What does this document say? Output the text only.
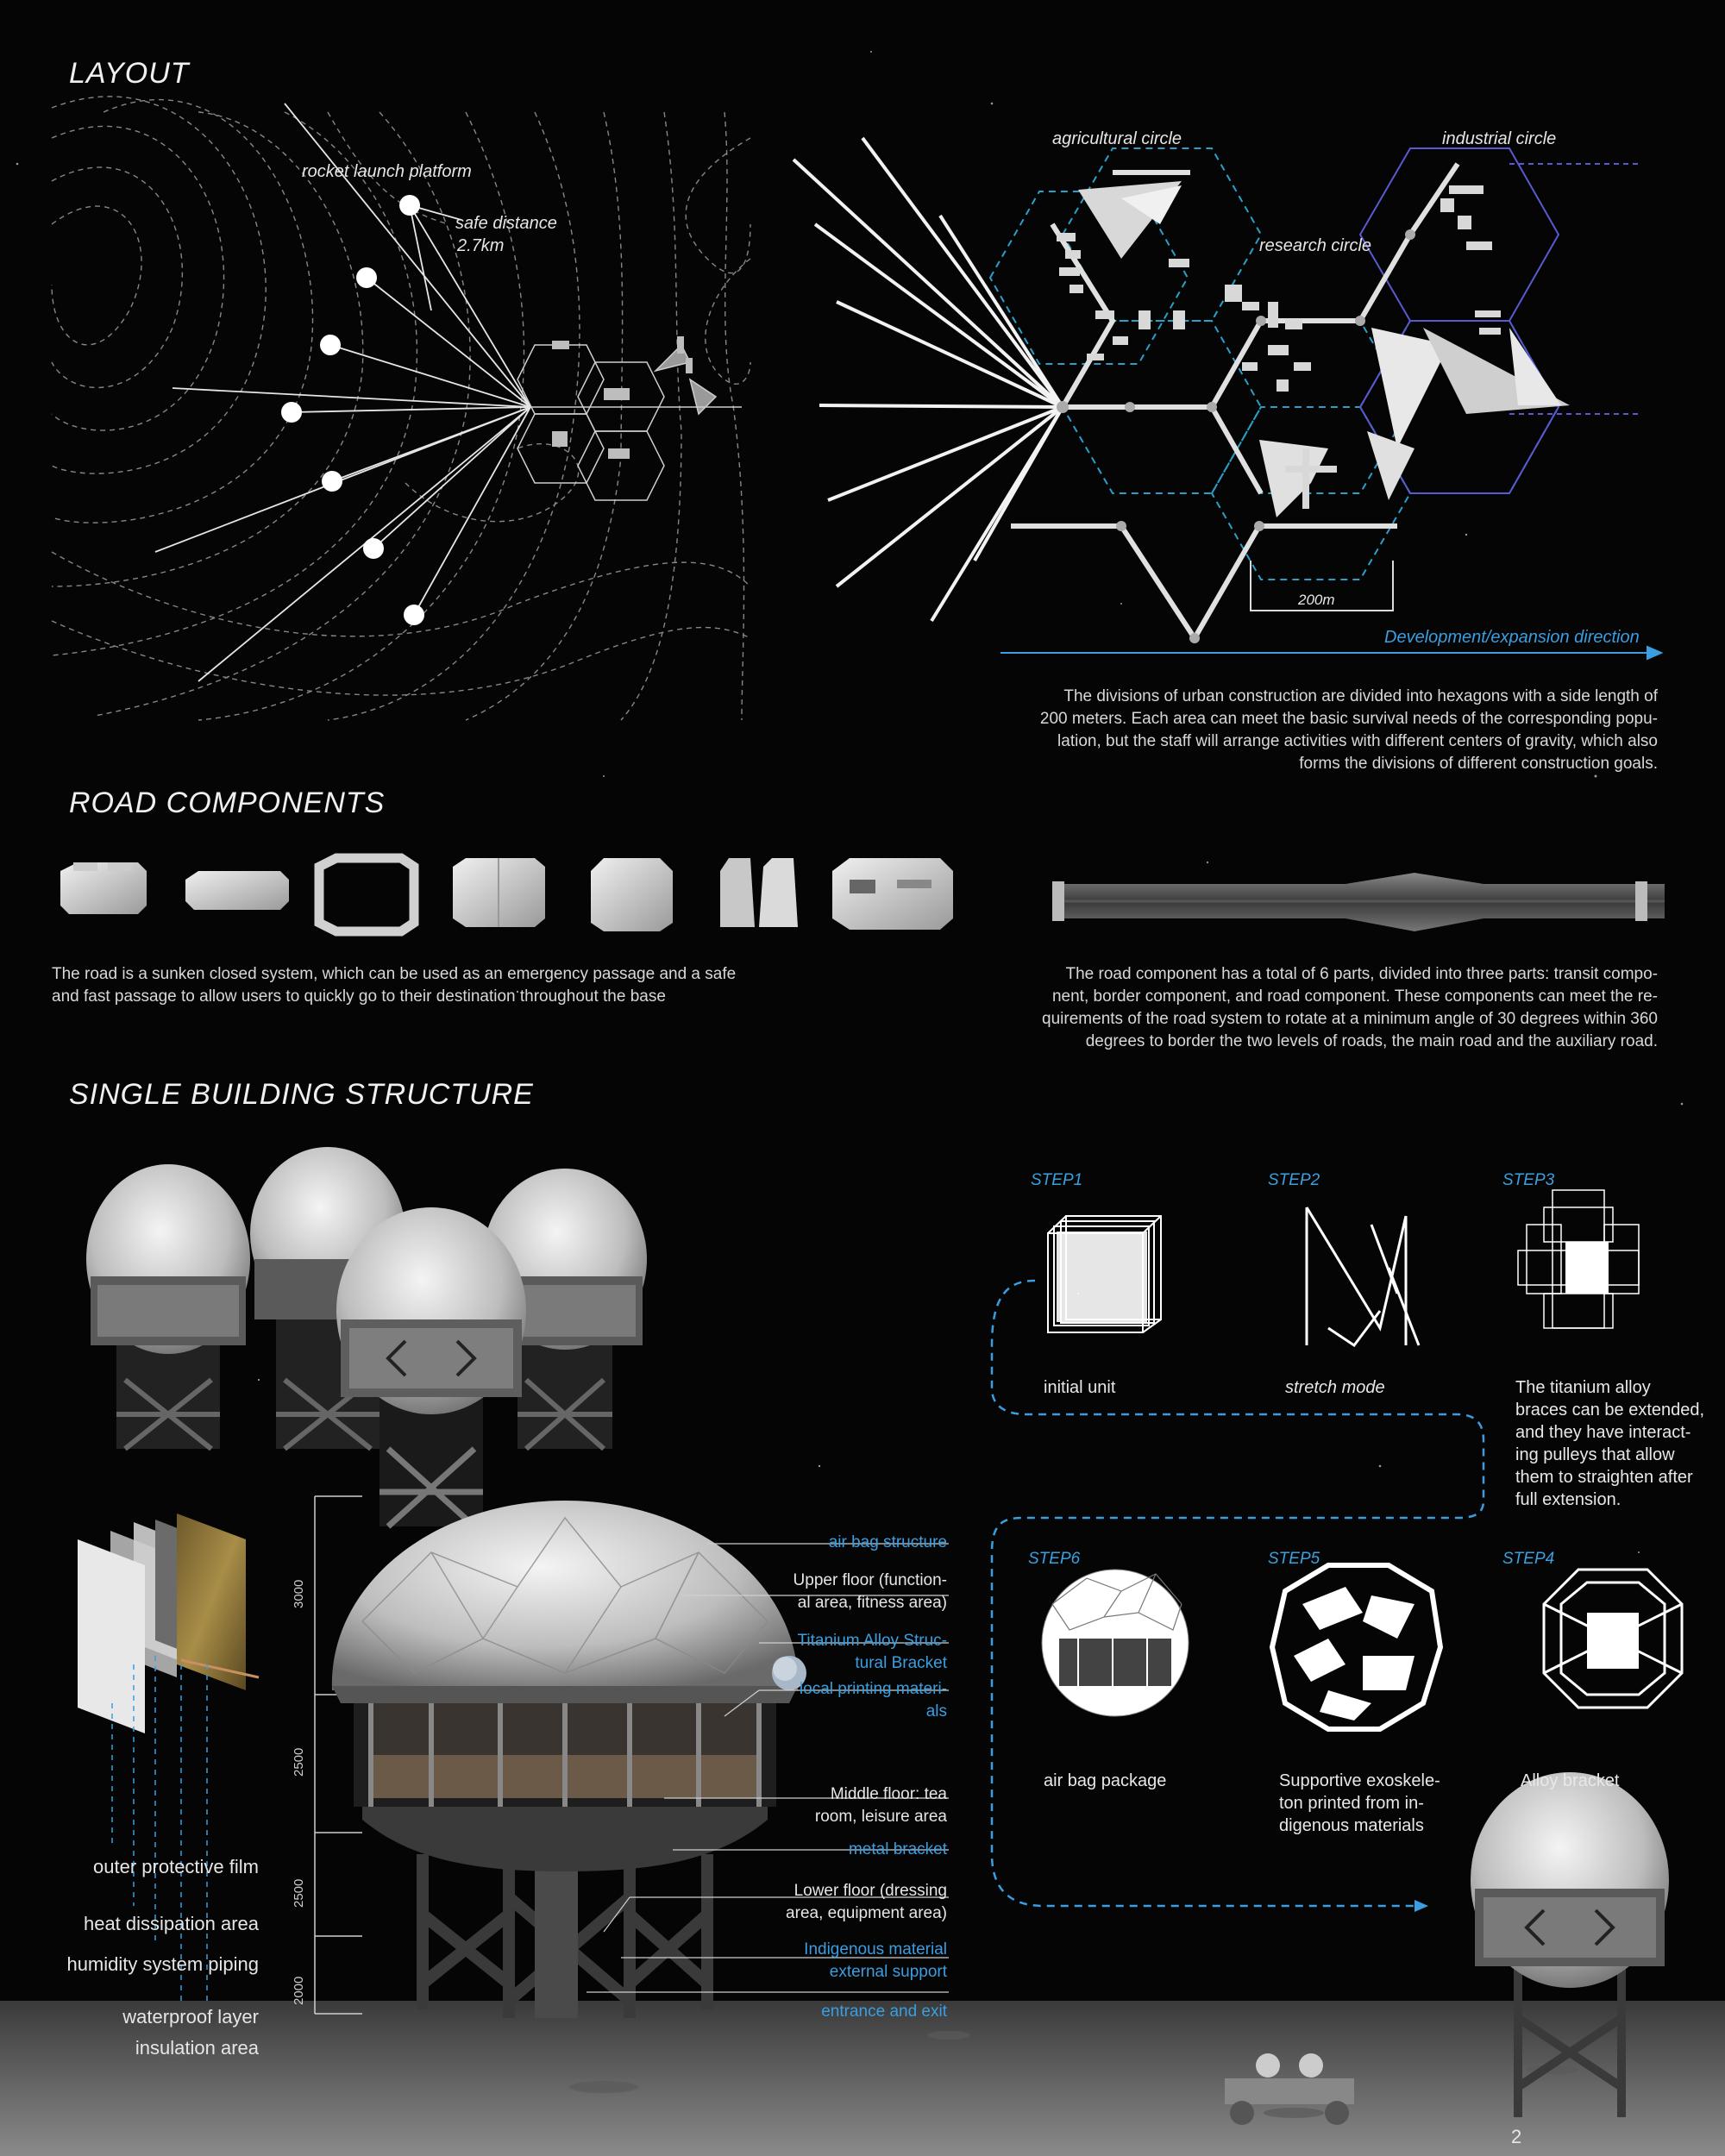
LAYOUT
rocket launch platform
safe distance
2.7km
agricultural circle	industrial circle
research circle
200m
Development/expansion direction
The divisions of urban construction are divided into hexagons with a side length of
200 meters. Each area can meet the basic survival needs of the corresponding popu-
lation, but the staff will arrange activities with different centers of gravity, which also
forms the divisions of different construction goals.
ROAD COMPONENTS
The road is a sunken closed system, which can be used as an emergency passage and a safe
and fast passage to allow users to quickly go to their destination throughout the base
The road component has a total of 6 parts, divided into three parts: transit compo-
nent, border component, and road component. These components can meet the re-
quirements of the road system to rotate at a minimum angle of 30 degrees within 360
degrees to border the two levels of roads, the main road and the auxiliary road.
SINGLE BUILDING STRUCTURE
STEP1	STEP2	STEP3
initial unit	stretch mode	The titanium alloy
braces can be extended,
and they have interact-
ing pulleys that allow
them to straighten after
full extension.
STEP6	STEP5	STEP4
air bag package	Supportive exoskele-
ton printed from in-
digenous materials
Alloy bracket
air bag structure
Upper floor (function-
al area, fitness area)
Titanium Alloy Struc-
tural Bracket
local printing materi-
als
Middle floor: tea
room, leisure area
metal bracket
Lower floor (dressing
area, equipment area)
Indigenous material
external support
entrance and exit
3000
2500
2500
2000
outer protective film
heat dissipation area
humidity system piping
waterproof layer
insulation area
2
